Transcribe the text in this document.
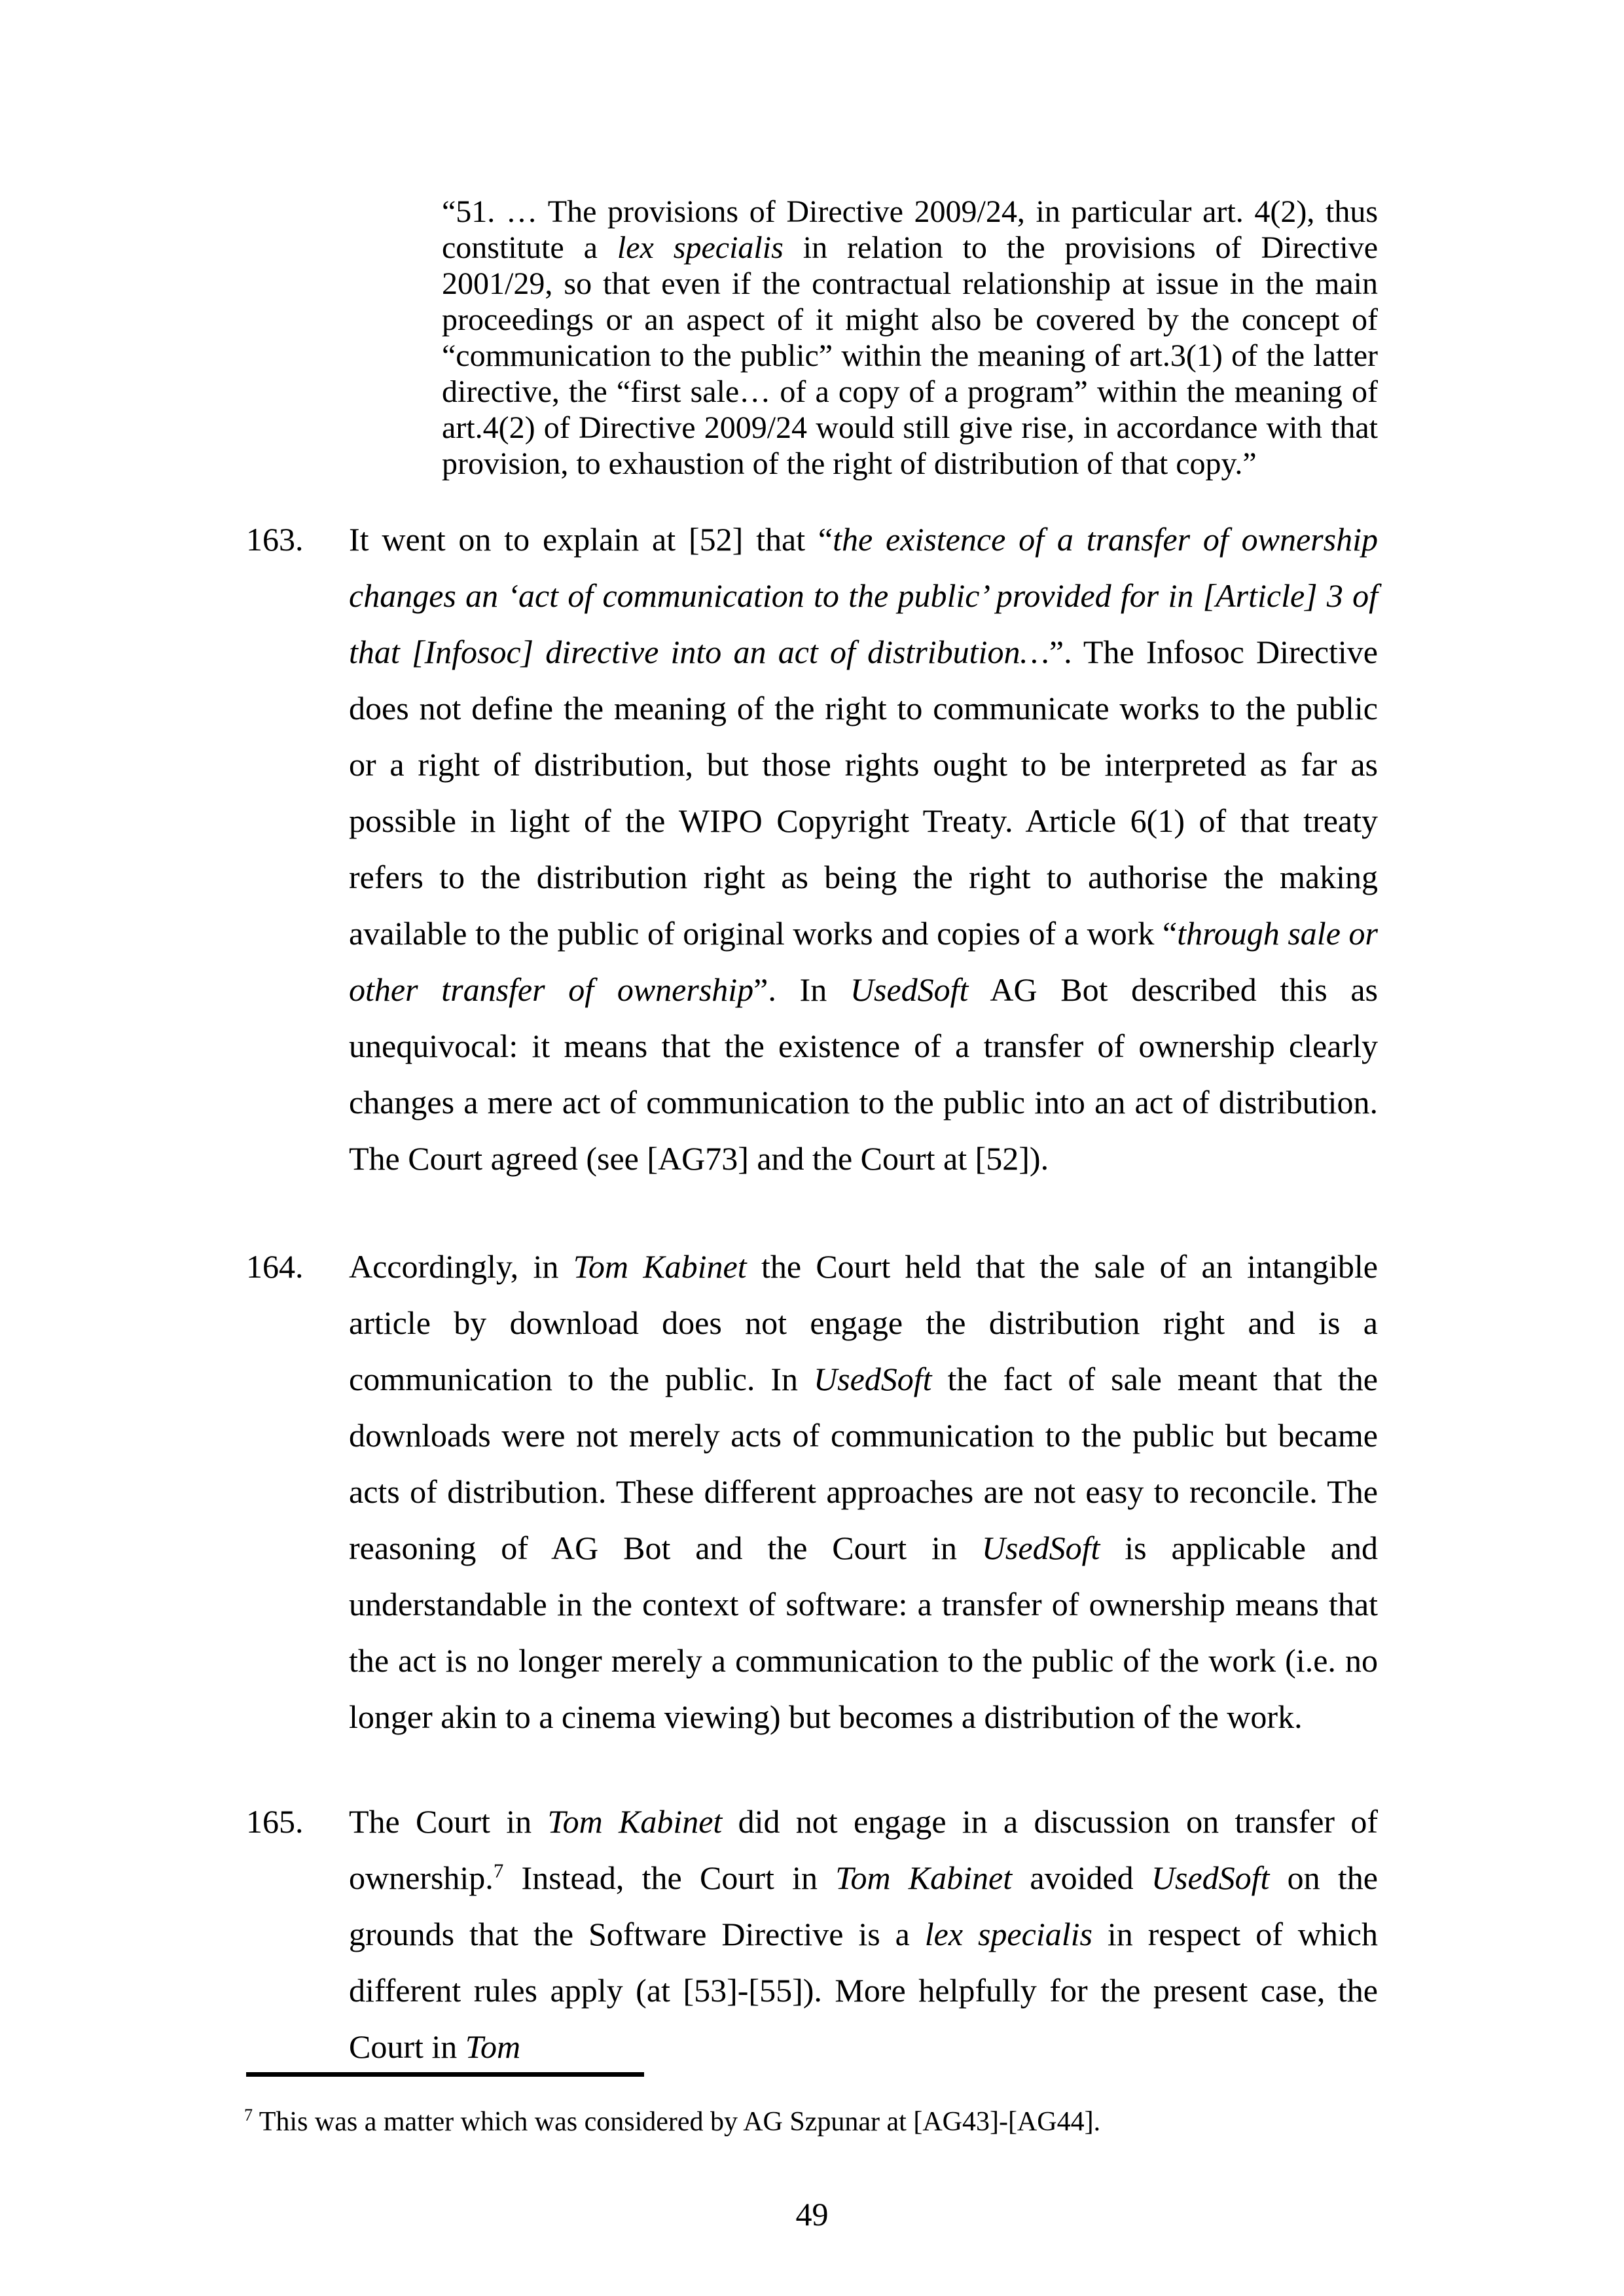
“51. … The provisions of Directive 2009/24, in particular art. 4(2), thus constitute a lex specialis in relation to the provisions of Directive 2001/29, so that even if the contractual relationship at issue in the main proceedings or an aspect of it might also be covered by the concept of “communication to the public” within the meaning of art.3(1) of the latter directive, the “first sale… of a copy of a program” within the meaning of art.4(2) of Directive 2009/24 would still give rise, in accordance with that provision, to exhaustion of the right of distribution of that copy.”
163. It went on to explain at [52] that “the existence of a transfer of ownership changes an ‘act of communication to the public’ provided for in [Article] 3 of that [Infosoc] directive into an act of distribution…”. The Infosoc Directive does not define the meaning of the right to communicate works to the public or a right of distribution, but those rights ought to be interpreted as far as possible in light of the WIPO Copyright Treaty. Article 6(1) of that treaty refers to the distribution right as being the right to authorise the making available to the public of original works and copies of a work “through sale or other transfer of ownership”. In UsedSoft AG Bot described this as unequivocal: it means that the existence of a transfer of ownership clearly changes a mere act of communication to the public into an act of distribution. The Court agreed (see [AG73] and the Court at [52]).
164. Accordingly, in Tom Kabinet the Court held that the sale of an intangible article by download does not engage the distribution right and is a communication to the public. In UsedSoft the fact of sale meant that the downloads were not merely acts of communication to the public but became acts of distribution. These different approaches are not easy to reconcile. The reasoning of AG Bot and the Court in UsedSoft is applicable and understandable in the context of software: a transfer of ownership means that the act is no longer merely a communication to the public of the work (i.e. no longer akin to a cinema viewing) but becomes a distribution of the work.
165. The Court in Tom Kabinet did not engage in a discussion on transfer of ownership.$^7$ Instead, the Court in Tom Kabinet avoided UsedSoft on the grounds that the Software Directive is a lex specialis in respect of which different rules apply (at [53]-[55]). More helpfully for the present case, the Court in Tom
$^7$ This was a matter which was considered by AG Szpunar at [AG43]-[AG44].
49
